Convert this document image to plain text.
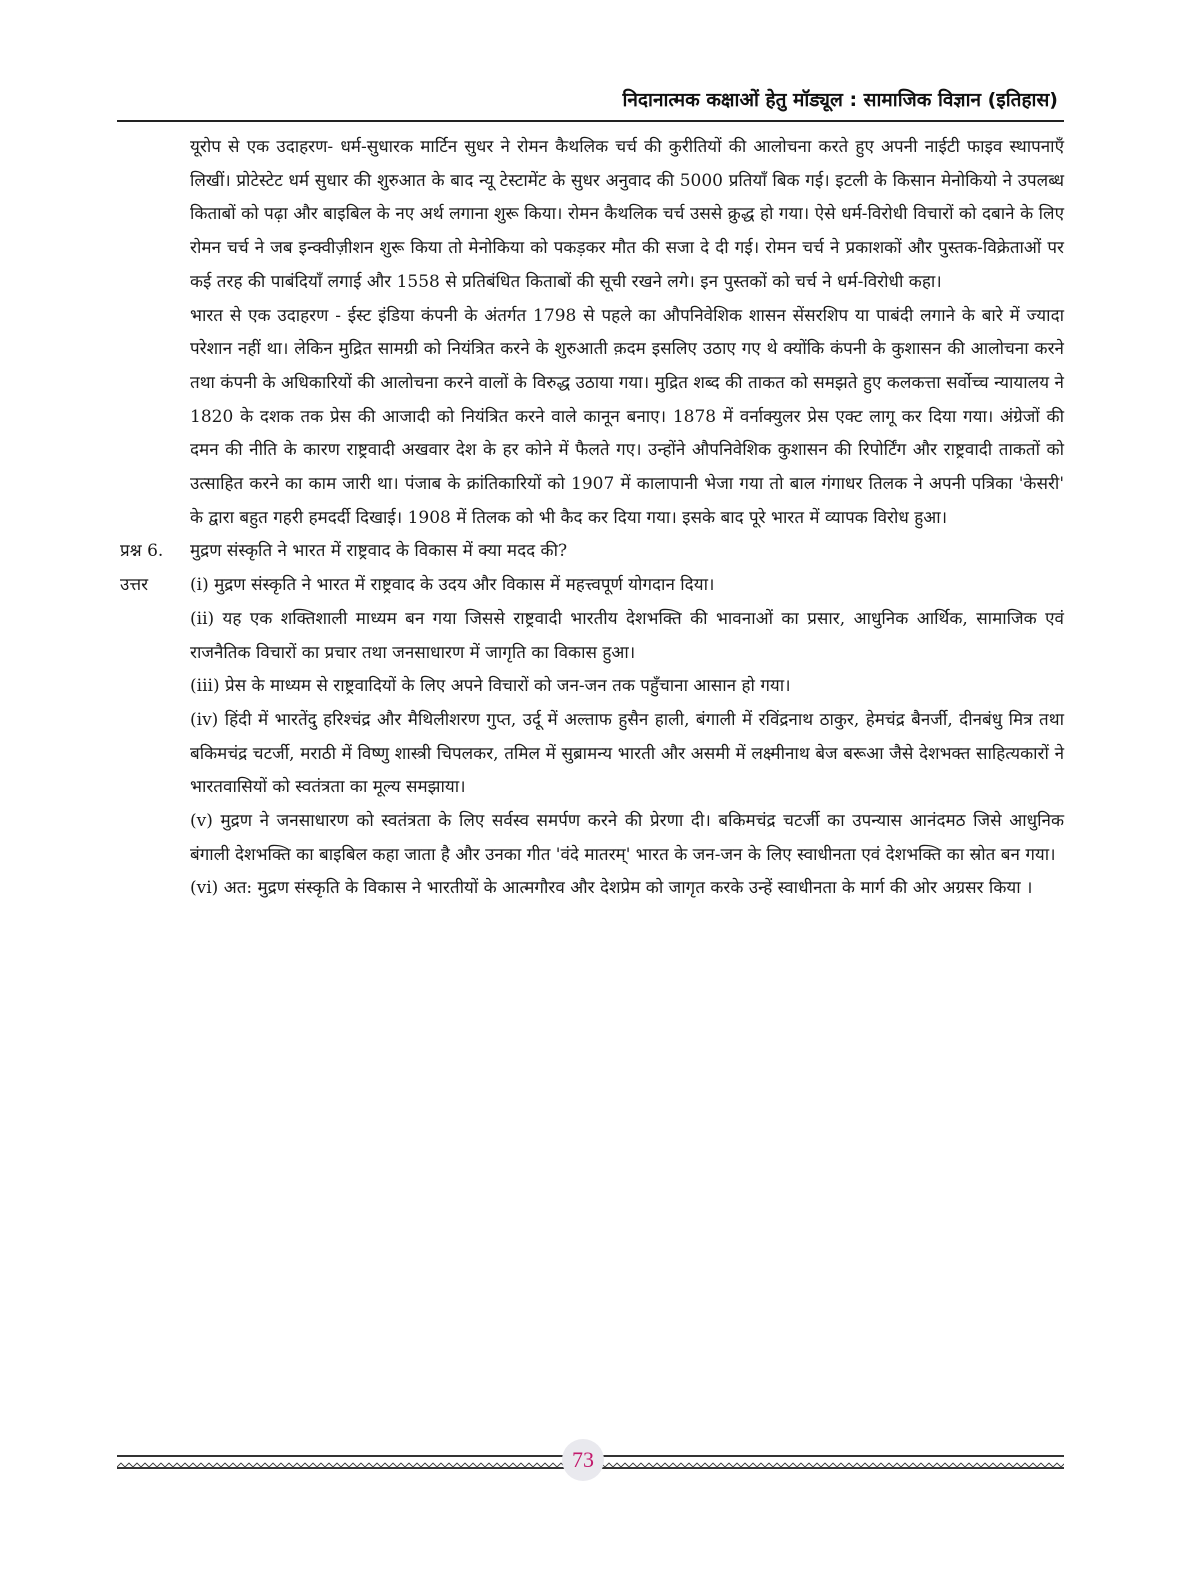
निदानात्मक कक्षाओं हेतु मॉड्यूल : सामाजिक विज्ञान (इतिहास)

यूरोप से एक उदाहरण- धर्म-सुधारक मार्टिन सुधर ने रोमन कैथलिक चर्च की कुरीतियों की आलोचना करते हुए अपनी नाईटी फाइव स्थापनाएँ लिखीं। प्रोटेस्टेट धर्म सुधार की शुरुआत के बाद न्यू टेस्टामेंट के सुधर अनुवाद की 5000 प्रतियाँ बिक गई। इटली के किसान मेनोकियो ने उपलब्ध किताबों को पढ़ा और बाइबिल के नए अर्थ लगाना शुरू किया। रोमन कैथलिक चर्च उससे क्रुद्ध हो गया। ऐसे धर्म-विरोधी विचारों को दबाने के लिए रोमन चर्च ने जब इन्क्वीज़ीशन शुरू किया तो मेनोकिया को पकड़कर मौत की सजा दे दी गई। रोमन चर्च ने प्रकाशकों और पुस्तक-विक्रेताओं पर कई तरह की पाबंदियाँ लगाई और 1558 से प्रतिबंधित किताबों की सूची रखने लगे। इन पुस्तकों को चर्च ने धर्म-विरोधी कहा।

भारत से एक उदाहरण - ईस्ट इंडिया कंपनी के अंतर्गत 1798 से पहले का औपनिवेशिक शासन सेंसरशिप या पाबंदी लगाने के बारे में ज्यादा परेशान नहीं था। लेकिन मुद्रित सामग्री को नियंत्रित करने के शुरुआती क़दम इसलिए उठाए गए थे क्योंकि कंपनी के कुशासन की आलोचना करने तथा कंपनी के अधिकारियों की आलोचना करने वालों के विरुद्ध उठाया गया। मुद्रित शब्द की ताकत को समझते हुए कलकत्ता सर्वोच्च न्यायालय ने 1820 के दशक तक प्रेस की आजादी को नियंत्रित करने वाले कानून बनाए। 1878 में वर्नाक्युलर प्रेस एक्ट लागू कर दिया गया। अंग्रेजों की दमन की नीति के कारण राष्ट्रवादी अखवार देश के हर कोने में फैलते गए। उन्होंने औपनिवेशिक कुशासन की रिपोर्टिंग और राष्ट्रवादी ताकतों को उत्साहित करने का काम जारी था। पंजाब के क्रांतिकारियों को 1907 में कालापानी भेजा गया तो बाल गंगाधर तिलक ने अपनी पत्रिका 'केसरी' के द्वारा बहुत गहरी हमदर्दी दिखाई। 1908 में तिलक को भी कैद कर दिया गया। इसके बाद पूरे भारत में व्यापक विरोध हुआ।

प्रश्न 6.	मुद्रण संस्कृति ने भारत में राष्ट्रवाद के विकास में क्या मदद की?
उत्तर	(i) मुद्रण संस्कृति ने भारत में राष्ट्रवाद के उदय और विकास में महत्त्वपूर्ण योगदान दिया।
(ii) यह एक शक्तिशाली माध्यम बन गया जिससे राष्ट्रवादी भारतीय देशभक्ति की भावनाओं का प्रसार, आधुनिक आर्थिक, सामाजिक एवं राजनैतिक विचारों का प्रचार तथा जनसाधारण में जागृति का विकास हुआ।
(iii) प्रेस के माध्यम से राष्ट्रवादियों के लिए अपने विचारों को जन-जन तक पहुँचाना आसान हो गया।
(iv) हिंदी में भारतेंदु हरिश्चंद्र और मैथिलीशरण गुप्त, उर्दू में अल्ताफ हुसैन हाली, बंगाली में रविंद्रनाथ ठाकुर, हेमचंद्र बैनर्जी, दीनबंधु मित्र तथा बकिमचंद्र चटर्जी, मराठी में विष्णु शास्त्री चिपलकर, तमिल में सुब्रामन्य भारती और असमी में लक्ष्मीनाथ बेज बरूआ जैसे देशभक्त साहित्यकारों ने भारतवासियों को स्वतंत्रता का मूल्य समझाया।
(v) मुद्रण ने जनसाधारण को स्वतंत्रता के लिए सर्वस्व समर्पण करने की प्रेरणा दी। बकिमचंद्र चटर्जी का उपन्यास आनंदमठ जिसे आधुनिक बंगाली देशभक्ति का बाइबिल कहा जाता है और उनका गीत 'वंदे मातरम्' भारत के जन-जन के लिए स्वाधीनता एवं देशभक्ति का स्रोत बन गया।
(vi) अत: मुद्रण संस्कृति के विकास ने भारतीयों के आत्मगौरव और देशप्रेम को जागृत करके उन्हें स्वाधीनता के मार्ग की ओर अग्रसर किया ।
73
